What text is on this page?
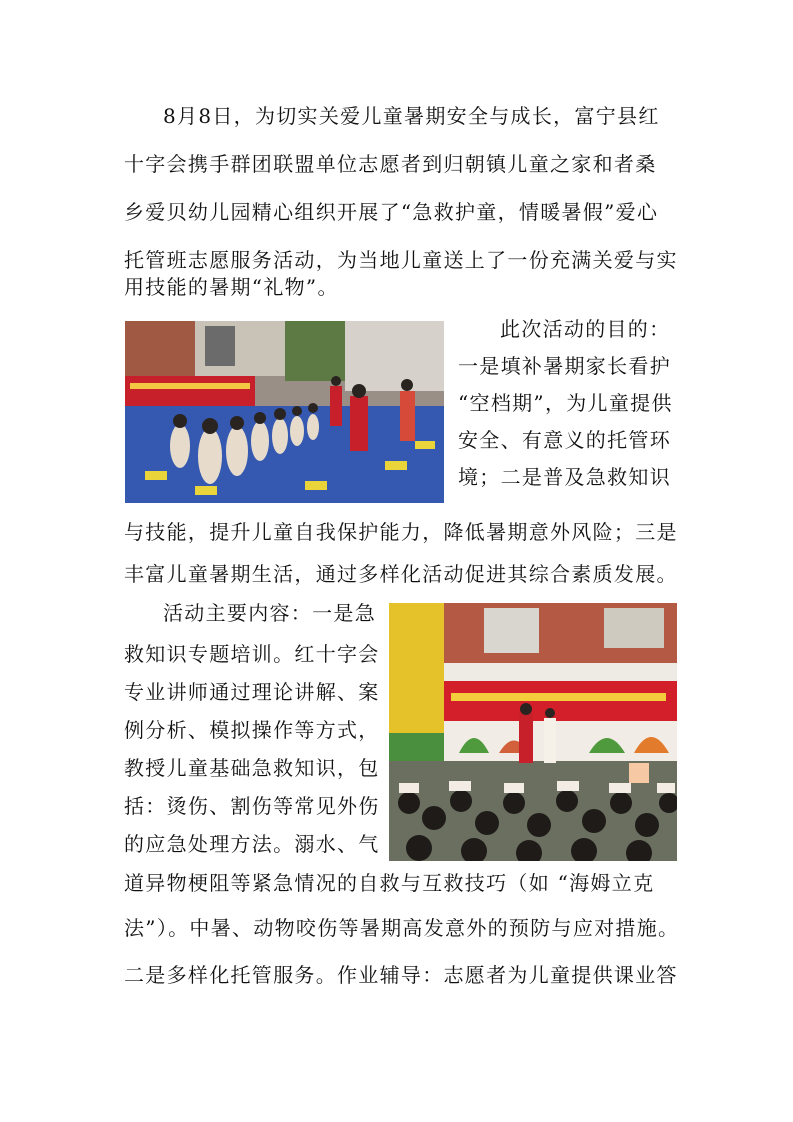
8月8日，为切实关爱儿童暑期安全与成长，富宁县红
十字会携手群团联盟单位志愿者到归朝镇儿童之家和者桑
乡爱贝幼儿园精心组织开展了“急救护童，情暖暑假”爱心
托管班志愿服务活动，为当地儿童送上了一份充满关爱与实
用技能的暑期“礼物”。
此次活动的目的：
一是填补暑期家长看护
“空档期”，为儿童提供
安全、有意义的托管环
境；二是普及急救知识
与技能，提升儿童自我保护能力，降低暑期意外风险；三是
丰富儿童暑期生活，通过多样化活动促进其综合素质发展。
活动主要内容：一是急
救知识专题培训。红十字会
专业讲师通过理论讲解、案
例分析、模拟操作等方式，
教授儿童基础急救知识，包
括：烫伤、割伤等常见外伤
的应急处理方法。溺水、气
道异物梗阻等紧急情况的自救与互救技巧（如 “海姆立克
法”）。中暑、动物咬伤等暑期高发意外的预防与应对措施。
二是多样化托管服务。作业辅导：志愿者为儿童提供课业答
